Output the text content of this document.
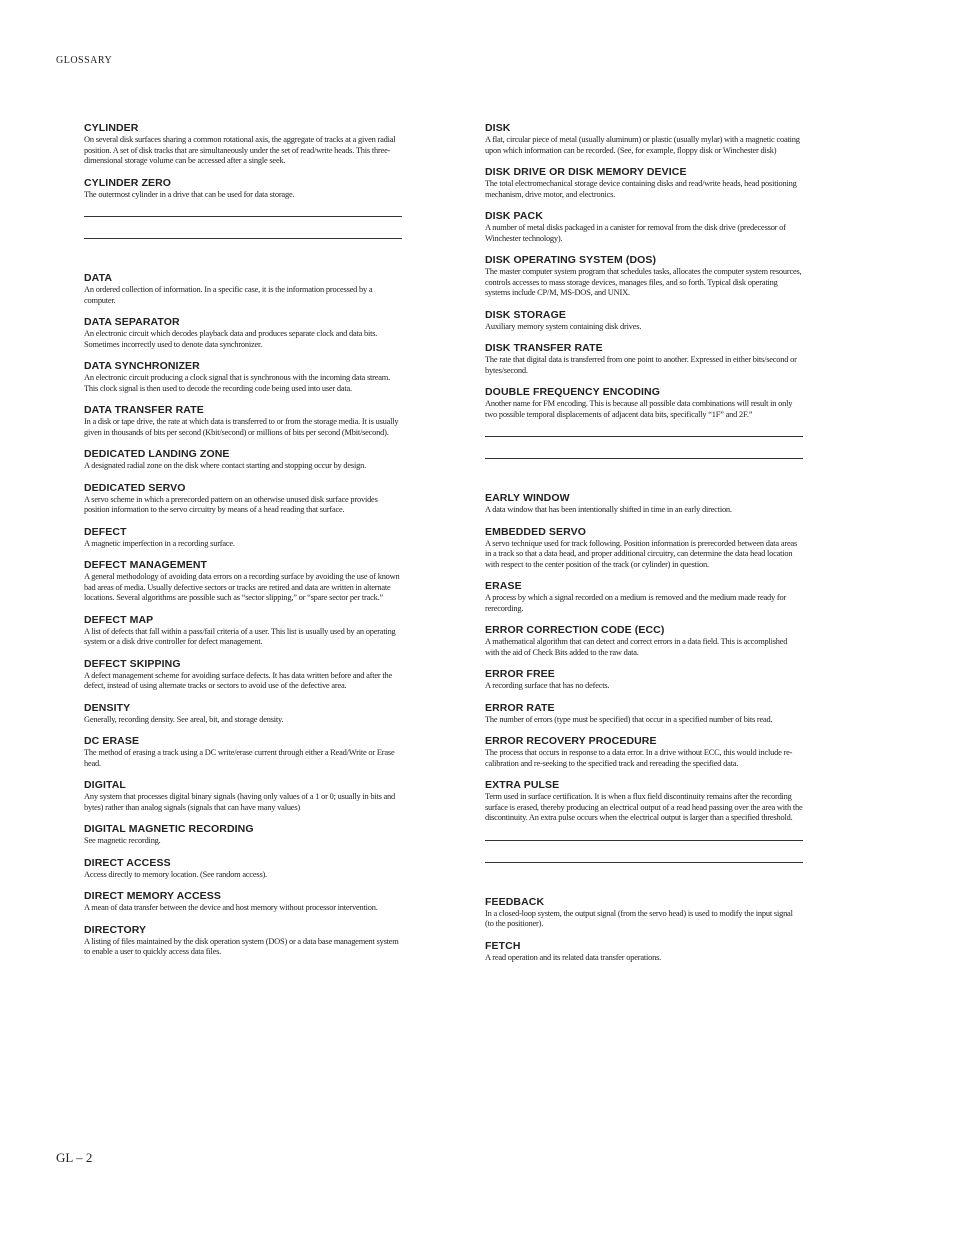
GLOSSARY

CYLINDER

On several disk surfaces sharing a common rotational axis, the aggregate of tracks at a given radial position. A set of disk tracks that are simultaneously under the set of read/write heads. This three-dimensional storage volume can be accessed after a single seek.

CYLINDER ZERO

The outermost cylinder in a drive that can be used for data storage.

DATA

An ordered collection of information. In a specific case, it is the information processed by a computer.

DATA SEPARATOR

An electronic circuit which decodes playback data and produces separate clock and data bits. Sometimes incorrectly used to denote data synchronizer.

DATA SYNCHRONIZER

An electronic circuit producing a clock signal that is synchronous with the incoming data stream. This clock signal is then used to decode the recording code being used into user data.

DATA TRANSFER RATE

In a disk or tape drive, the rate at which data is transferred to or from the storage media. It is usually given in thousands of bits per second (Kbit/second) or millions of bits per second (Mbit/second).

DEDICATED LANDING ZONE

A designated radial zone on the disk where contact starting and stopping occur by design.

DEDICATED SERVO

A servo scheme in which a prerecorded pattern on an otherwise unused disk surface provides position information to the servo circuitry by means of a head reading that surface.

DEFECT

A magnetic imperfection in a recording surface.

DEFECT MANAGEMENT

A general methodology of avoiding data errors on a recording surface by avoiding the use of known bad areas of media. Usually defective sectors or tracks are retired and data are written in alternate locations. Several algorithms are possible such as “sector slipping,” or “spare sector per track.”

DEFECT MAP

A list of defects that fall within a pass/fail criteria of a user. This list is usually used by an operating system or a disk drive controller for defect management.

DEFECT SKIPPING

A defect management scheme for avoiding surface defects. It has data written before and after the defect, instead of using alternate tracks or sectors to avoid use of the defective area.

DENSITY

Generally, recording density. See areal, bit, and storage density.

DC ERASE

The method of erasing a track using a DC write/erase current through either a Read/Write or Erase head.

DIGITAL

Any system that processes digital binary signals (having only values of a 1 or 0; usually in bits and bytes) rather than analog signals (signals that can have many values)

DIGITAL MAGNETIC RECORDING

See magnetic recording.

DIRECT ACCESS

Access directly to memory location. (See random access).

DIRECT MEMORY ACCESS

A mean of data transfer between the device and host memory without processor intervention.

DIRECTORY

A listing of files maintained by the disk operation system (DOS) or a data base management system to enable a user to quickly access data files.

DISK

A flat, circular piece of metal (usually aluminum) or plastic (usually mylar) with a magnetic coating upon which information can be recorded. (See, for example, floppy disk or Winchester disk)

DISK DRIVE OR DISK MEMORY DEVICE

The total electromechanical storage device containing disks and read/write heads, head positioning mechanism, drive motor, and electronics.

DISK PACK

A number of metal disks packaged in a canister for removal from the disk drive (predecessor of Winchester technology).

DISK OPERATING SYSTEM (DOS)

The master computer system program that schedules tasks, allocates the computer system resources, controls accesses to mass storage devices, manages files, and so forth. Typical disk operating systems include CP/M, MS-DOS, and UNIX.

DISK STORAGE

Auxiliary memory system containing disk drives.

DISK TRANSFER RATE

The rate that digital data is transferred from one point to another. Expressed in either bits/second or bytes/second.

DOUBLE FREQUENCY ENCODING

Another name for FM encoding. This is because all possible data combinations will result in only two possible temporal displacements of adjacent data bits, specifically “1F” and 2F.”

EARLY WINDOW

A data window that has been intentionally shifted in time in an early direction.

EMBEDDED SERVO

A servo technique used for track following. Position information is prerecorded between data areas in a track so that a data head, and proper additional circuitry, can determine the data head location with respect to the center position of the track (or cylinder) in question.

ERASE

A process by which a signal recorded on a medium is removed and the medium made ready for rerecording.

ERROR CORRECTION CODE (ECC)

A mathematical algorithm that can detect and correct errors in a data field. This is accomplished with the aid of Check Bits added to the raw data.

ERROR FREE

A recording surface that has no defects.

ERROR RATE

The number of errors (type must be specified) that occur in a specified number of bits read.

ERROR RECOVERY PROCEDURE

The process that occurs in response to a data error. In a drive without ECC, this would include re-calibration and re-seeking to the specified track and rereading the specified data.

EXTRA PULSE

Term used in surface certification. It is when a flux field discontinuity remains after the recording surface is erased, thereby producing an electrical output of a read head passing over the area with the discontinuity. An extra pulse occurs when the electrical output is larger than a specified threshold.

FEEDBACK

In a closed-loop system, the output signal (from the servo head) is used to modify the input signal (to the positioner).

FETCH

A read operation and its related data transfer operations.

GL – 2
